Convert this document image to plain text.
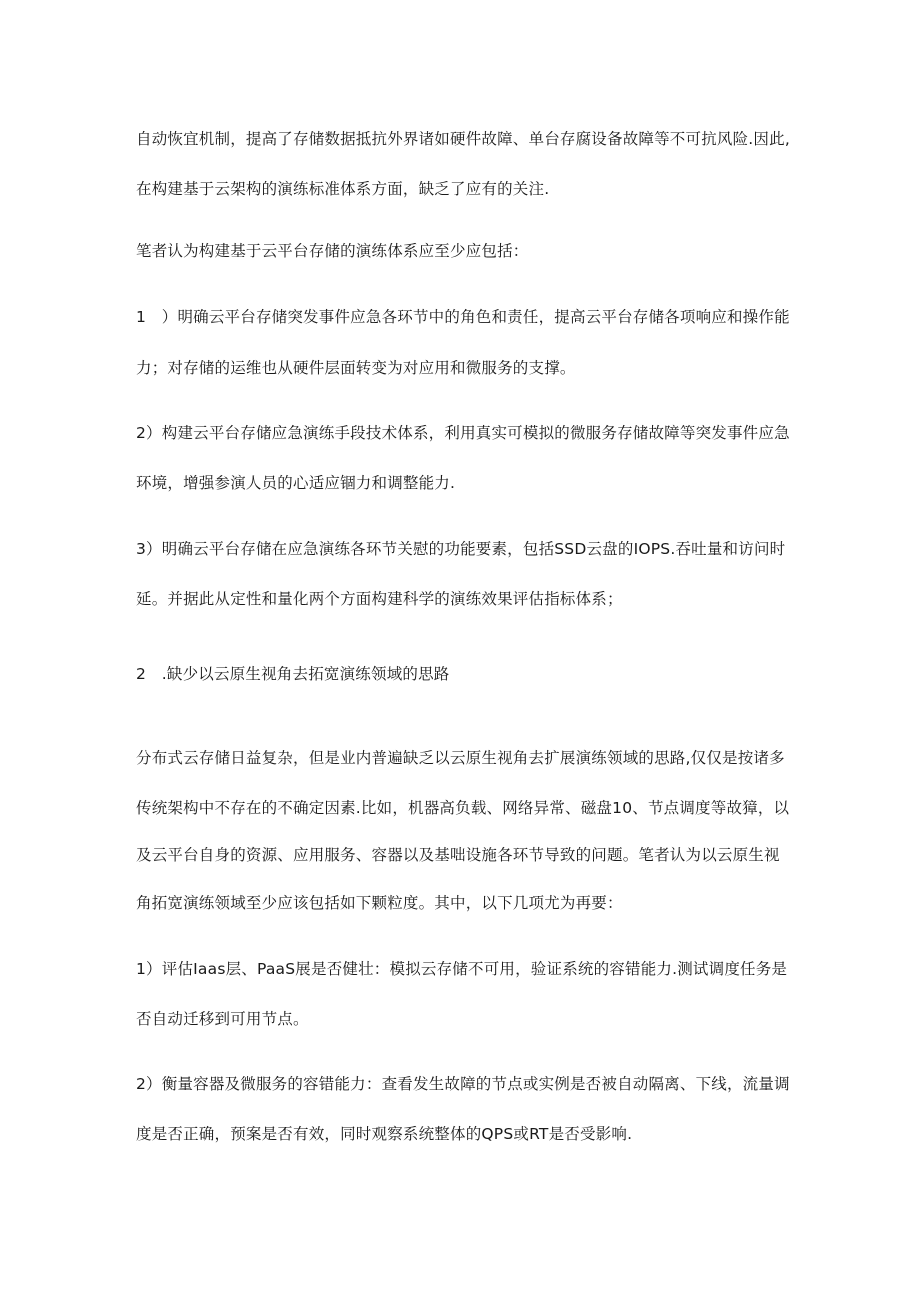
自动恢宜机制，提高了存储数据抵抗外界诸如硬件故障、单台存腐设备故障等不可抗风险.因此,
在构建基于云架构的演练标准体系方面，缺乏了应有的关注.
笔者认为构建基于云平台存储的演练体系应至少应包括：
1　）明确云平台存储突发事件应急各环节中的角色和责任，提高云平台存储各项响应和操作能
力；对存储的运维也从硬件层面转变为对应用和微服务的支撑。
2）构建云平台存储应急演练手段技术体系，利用真实可模拟的微服务存储故障等突发事件应急
环境，增强参演人员的心适应锢力和调整能力.
3）明确云平台存储在应急演练各环节关慰的功能要素，包括SSD云盘的IOPS.吞吐量和访问时
延。并据此从定性和量化两个方面构建科学的演练效果评估指标体系；
2　.缺少以云原生视角去拓宽演练领域的思路
分布式云存储日益复杂，但是业内普遍缺乏以云原生视角去扩展演练领域的思路,仅仅是按诸多
传统架构中不存在的不确定因素.比如，机器高负载、网络异常、磁盘10、节点调度等故獐，以
及云平台自身的资源、应用服务、容器以及基咄设施各环节导致的问题。笔者认为以云原生视
角拓宽演练领域至少应该包括如下颗粒度。其中，以下几项尤为再要：
1）评估Iaas层、PaaS展是否健壮：模拟云存储不可用，验证系统的容错能力.测试调度任务是
否自动迁移到可用节点。
2）衡量容器及微服务的容错能力：查看发生故障的节点或实例是否被自动隔离、下线，流量调
度是否正确，预案是否有效，同时观察系统整体的QPS或RT是否受影响.
